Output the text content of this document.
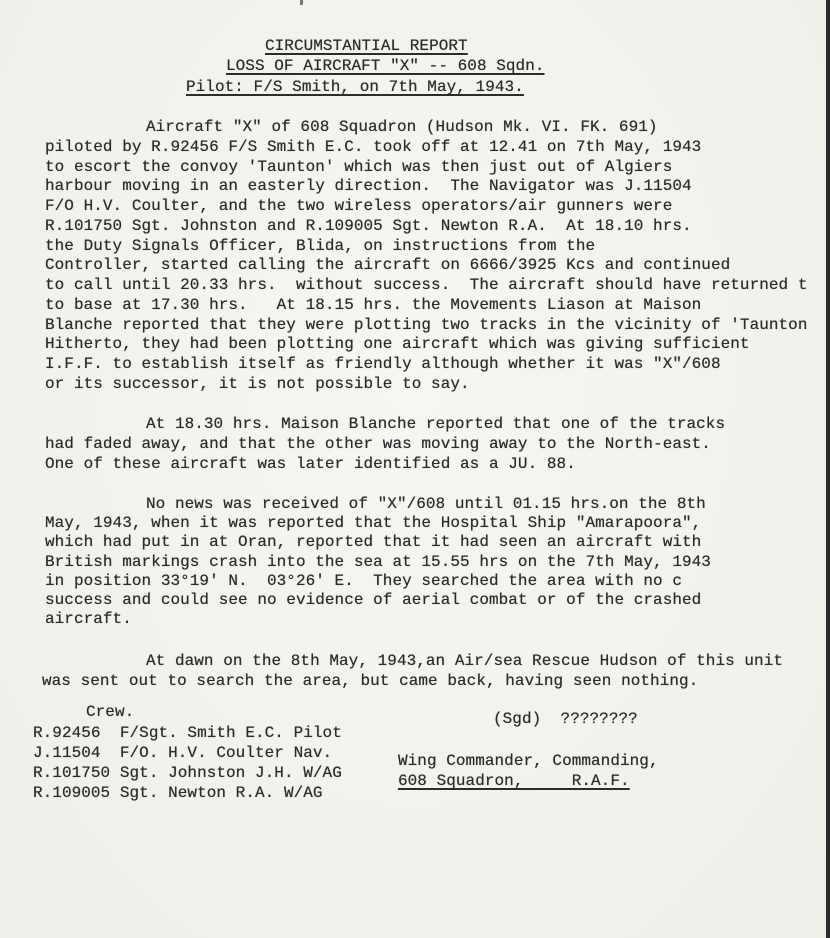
CIRCUMSTANTIAL REPORT
LOSS OF AIRCRAFT "X" -- 608 Sqdn.
Pilot: F/S Smith, on 7th May, 1943.
Aircraft "X" of 608 Squadron (Hudson Mk. VI. FK. 691)
piloted by R.92456 F/S Smith E.C. took off at 12.41 on 7th May, 1943
to escort the convoy 'Taunton' which was then just out of Algiers
harbour moving in an easterly direction.  The Navigator was J.11504
F/O H.V. Coulter, and the two wireless operators/air gunners were
R.101750 Sgt. Johnston and R.109005 Sgt. Newton R.A.  At 18.10 hrs.
the Duty Signals Officer, Blida, on instructions from the
Controller, started calling the aircraft on 6666/3925 Kcs and continued
to call until 20.33 hrs.  without success.  The aircraft should have returned t
to base at 17.30 hrs.   At 18.15 hrs. the Movements Liason at Maison
Blanche reported that they were plotting two tracks in the vicinity of 'Taunton
Hitherto, they had been plotting one aircraft which was giving sufficient
I.F.F. to establish itself as friendly although whether it was "X"/608
or its successor, it is not possible to say.
At 18.30 hrs. Maison Blanche reported that one of the tracks
had faded away, and that the other was moving away to the North-east.
One of these aircraft was later identified as a JU. 88.
No news was received of "X"/608 until 01.15 hrs.on the 8th
May, 1943, when it was reported that the Hospital Ship "Amarapoora",
which had put in at Oran, reported that it had seen an aircraft with
British markings crash into the sea at 15.55 hrs on the 7th May, 1943
in position 33°19' N.  03°26' E.  They searched the area with no c
success and could see no evidence of aerial combat or of the crashed
aircraft.
At dawn on the 8th May, 1943,an Air/sea Rescue Hudson of this unit
was sent out to search the area, but came back, having seen nothing.
Crew.
R.92456  F/Sgt. Smith E.C. Pilot
J.11504  F/O. H.V. Coulter Nav.
R.101750 Sgt. Johnston J.H. W/AG
R.109005 Sgt. Newton R.A. W/AG
(Sgd)  ????????
Wing Commander, Commanding,
608 Squadron,     R.A.F.
